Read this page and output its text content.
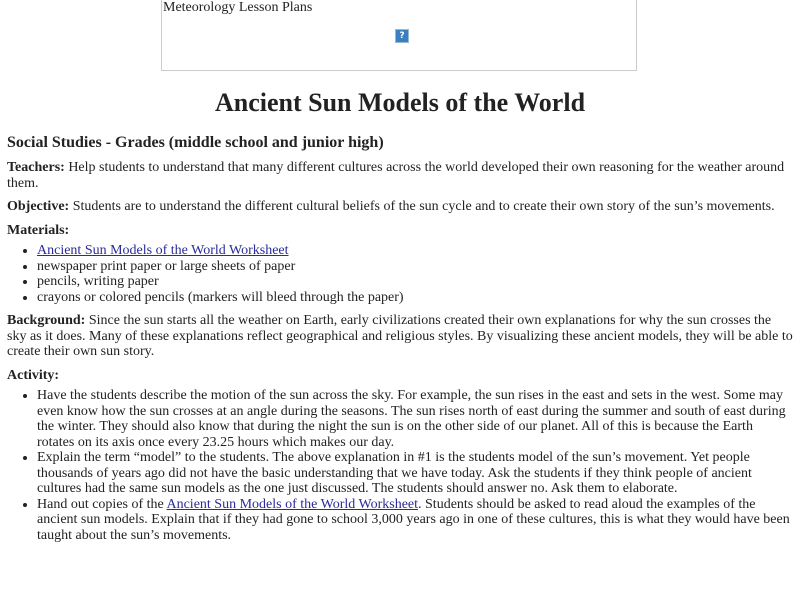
Meteorology Lesson Plans
?
Ancient Sun Models of the World
Social Studies - Grades (middle school and junior high)

Teachers: Help students to understand that many different cultures across the world developed their own reasoning for the weather around them.

Objective: Students are to understand the different cultural beliefs of the sun cycle and to create their own story of the sun’s movements.

Materials:
• Ancient Sun Models of the World Worksheet
• newspaper print paper or large sheets of paper
• pencils, writing paper
• crayons or colored pencils (markers will bleed through the paper)

Background: Since the sun starts all the weather on Earth, early civilizations created their own explanations for why the sun crosses the sky as it does. Many of these explanations reflect geographical and religious styles. By visualizing these ancient models, they will be able to create their own sun story.

Activity:
• Have the students describe the motion of the sun across the sky. For example, the sun rises in the east and sets in the west. Some may even know how the sun crosses at an angle during the seasons. The sun rises north of east during the summer and south of east during the winter. They should also know that during the night the sun is on the other side of our planet. All of this is because the Earth rotates on its axis once every 23.25 hours which makes our day.
• Explain the term “model” to the students. The above explanation in #1 is the students model of the sun’s movement. Yet people thousands of years ago did not have the basic understanding that we have today. Ask the students if they think people of ancient cultures had the same sun models as the one just discussed. The students should answer no. Ask them to elaborate.
• Hand out copies of the Ancient Sun Models of the World Worksheet. Students should be asked to read aloud the examples of the ancient sun models. Explain that if they had gone to school 3,000 years ago in one of these cultures, this is what they would have been taught about the sun’s movements.
